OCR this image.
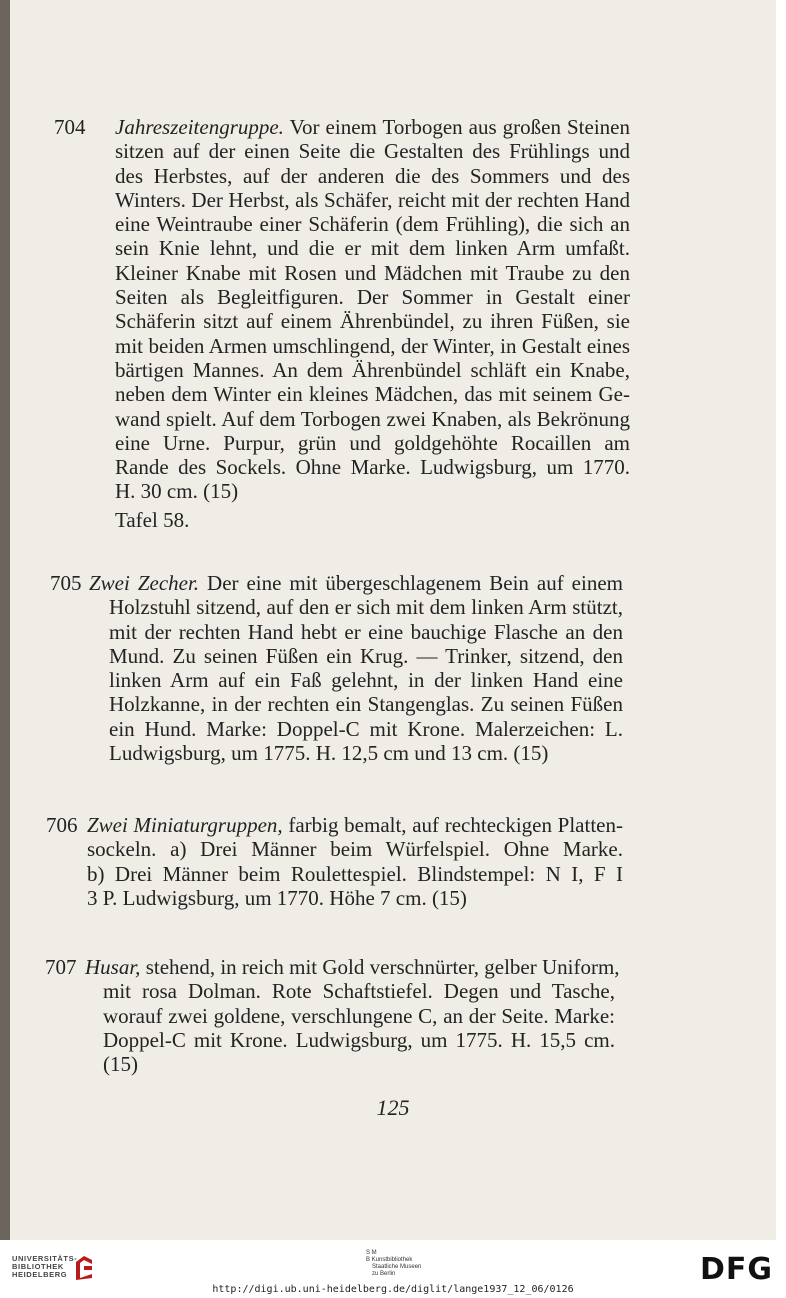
704 Jahreszeitengruppe. Vor einem Torbogen aus großen Steinen
sitzen auf der einen Seite die Gestalten des Frühlings und
des Herbstes, auf der anderen die des Sommers und des
Winters. Der Herbst, als Schäfer, reicht mit der rechten Hand
eine Weintraube einer Schäferin (dem Frühling), die sich an
sein Knie lehnt, und die er mit dem linken Arm umfaßt.
Kleiner Knabe mit Rosen und Mädchen mit Traube zu den
Seiten als Begleitfiguren. Der Sommer in Gestalt einer
Schäferin sitzt auf einem Ährenbündel, zu ihren Füßen, sie
mit beiden Armen umschlingend, der Winter, in Gestalt eines
bärtigen Mannes. An dem Ährenbündel schläft ein Knabe,
neben dem Winter ein kleines Mädchen, das mit seinem Ge-
wand spielt. Auf dem Torbogen zwei Knaben, als Bekrönung
eine Urne. Purpur, grün und goldgehöhte Rocaillen am
Rande des Sockels. Ohne Marke. Ludwigsburg, um 1770.
H. 30 cm. (15)
Tafel 58.
705 Zwei Zecher. Der eine mit übergeschlagenem Bein auf einem
Holzstuhl sitzend, auf den er sich mit dem linken Arm stützt,
mit der rechten Hand hebt er eine bauchige Flasche an den
Mund. Zu seinen Füßen ein Krug. — Trinker, sitzend, den
linken Arm auf ein Faß gelehnt, in der linken Hand eine
Holzkanne, in der rechten ein Stangenglas. Zu seinen Füßen
ein Hund. Marke: Doppel-C mit Krone. Malerzeichen: L.
Ludwigsburg, um 1775. H. 12,5 cm und 13 cm. (15)
706 Zwei Miniaturgruppen, farbig bemalt, auf rechteckigen Platten-
sockeln. a) Drei Männer beim Würfelspiel. Ohne Marke.
b) Drei Männer beim Roulettespiel. Blindstempel: N I, F I
3 P. Ludwigsburg, um 1770. Höhe 7 cm. (15)
707 Husar, stehend, in reich mit Gold verschnürter, gelber Uniform,
mit rosa Dolman. Rote Schaftstiefel. Degen und Tasche,
worauf zwei goldene, verschlungene C, an der Seite. Marke:
Doppel-C mit Krone. Ludwigsburg, um 1775. H. 15,5 cm.
(15)
125
UNIVERSITÄTS-
BIBLIOTHEK
HEIDELBERG
S M
B Kunstbibliothek
Staatliche Museen
zu Berlin	DFG
http://digi.ub.uni-heidelberg.de/diglit/lange1937_12_06/0126
